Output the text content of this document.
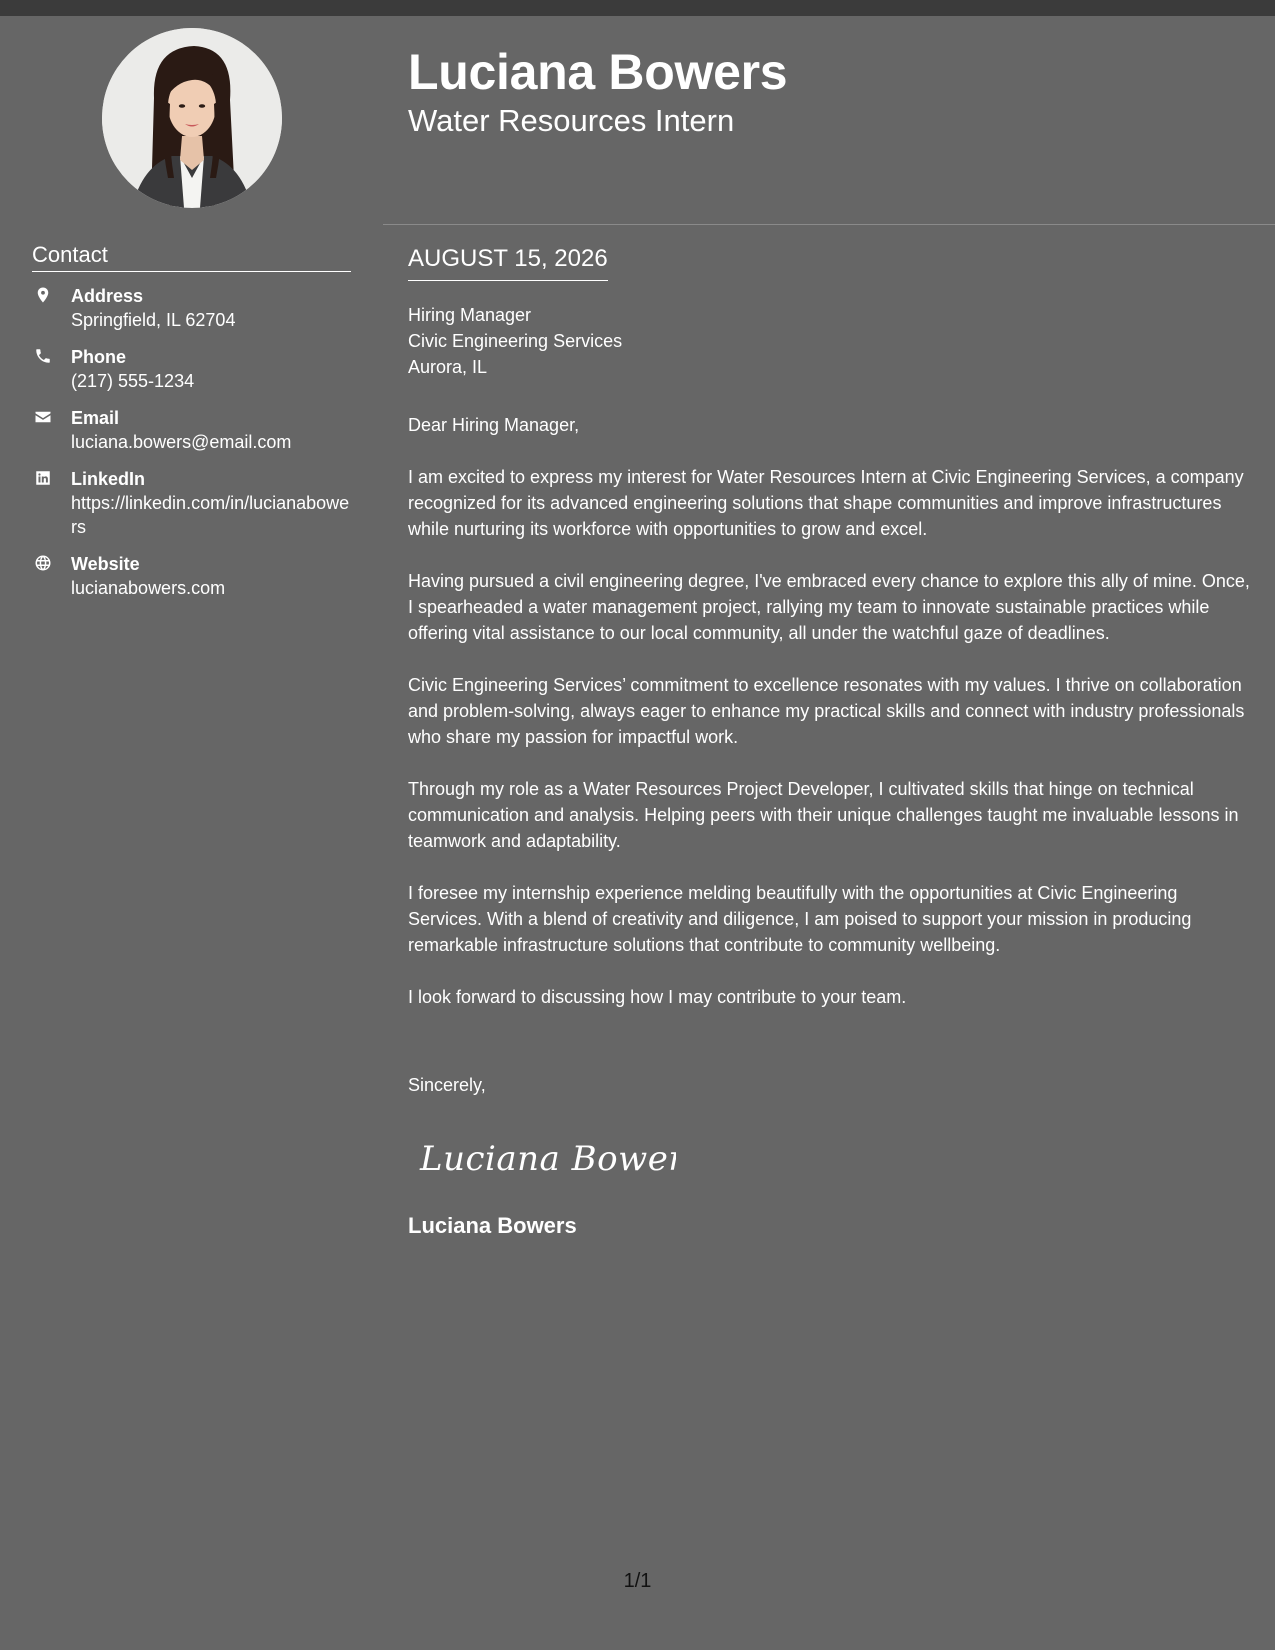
Contact
Address
Springfield, IL 62704
Phone
(217) 555-1234
Email
luciana.bowers@email.com
LinkedIn
https://linkedin.com/in/lucianabowers
Website
lucianabowers.com
Luciana Bowers
Water Resources Intern
AUGUST 15, 2026
Hiring Manager
Civic Engineering Services
Aurora, IL

Dear Hiring Manager,

I am excited to express my interest for Water Resources Intern at Civic Engineering Services, a company recognized for its advanced engineering solutions that shape communities and improve infrastructures while nurturing its workforce with opportunities to grow and excel.

Having pursued a civil engineering degree, I've embraced every chance to explore this ally of mine. Once, I spearheaded a water management project, rallying my team to innovate sustainable practices while offering vital assistance to our local community, all under the watchful gaze of deadlines.

Civic Engineering Services’ commitment to excellence resonates with my values. I thrive on collaboration and problem-solving, always eager to enhance my practical skills and connect with industry professionals who share my passion for impactful work.

Through my role as a Water Resources Project Developer, I cultivated skills that hinge on technical communication and analysis. Helping peers with their unique challenges taught me invaluable lessons in teamwork and adaptability.

I foresee my internship experience melding beautifully with the opportunities at Civic Engineering Services. With a blend of creativity and diligence, I am poised to support your mission in producing remarkable infrastructure solutions that contribute to community wellbeing.

I look forward to discussing how I may contribute to your team.

Sincerely,
Luciana Bowers
Luciana Bowers
1/1
